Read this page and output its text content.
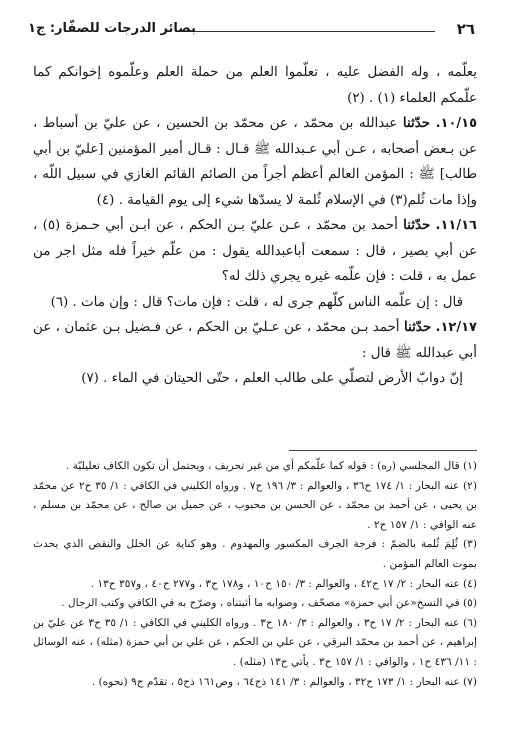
٢٦
بصائر الدرجات للصفّار: ج١

يعلّمه ، وله الفضل عليه ، تعلّموا العلم من حملة العلم وعلّموه إخوانكم كما علّمكم العلماء (١) . (٢)

١٠/١٥. حدّثنا عبدالله بن محمّد ، عن محمّد بن الحسين ، عن عليّ بن أسباط ، عن بـعض أصحابه ، عـن أبي عـبدالله ﷺ قـال : قـال أمير المؤمنين [عليّ بن أبي طالب] ﷺ : المؤمن العالم أعظم أجراً من الصائم القائم الغازي في سبيل اللّه ، وإذا مات ثُلم(٣) في الإسلام ثُلمة لا يسدّها شيء إلى يوم القيامة . (٤)

١١/١٦. حدّثنا أحمد بن محمّد ، عـن عليّ بـن الحكم ، عن ابـن أبي حـمزة (٥) ، عن أبي بصير ، قال : سمعت أباعبدالله يقول : من علّم خيراً فله مثل اجر من عمل به ، قلت : فإن علّمه غيره يجري ذلك له؟

قال : إن علّمه الناس كلّهم جرى له ، قلت : فإن مات؟ قال : وإن مات . (٦)

١٢/١٧. حدّثنا أحمد بـن محمّد ، عن عـليّ بن الحكم ، عن فـضيل بـن عثمان ، عن أبي عبدالله ﷺ قال :

إنّ دوابّ الأرض لتصلّي على طالب العلم ، حتّى الحيتان في الماء . (٧)

(١) قال المجلسي (ره) : قوله كما علّمكم أي من غير تحريف ، ويحتمل أن تكون الكاف تعليليّة .

(٢) عنه البحار : ١/ ١٧٤ ح٣٦ ، والعوالم : ٣/ ١٩٦ ح٧ . ورواه الكليني في الكافي : ١/ ٣٥ ح٢ عن محمّد بن يحيى ، عن أحمد بن محمّد ، عن الحسن بن محبوب ، عن جميل بن صالح ، عن محمّد بن مسلم ، عنه الوافي : ١/ ١٥٧ ح٢ .

(٣) ثُلِمَ ثُلمة بالضمّ : فرجة الجرف المكسور والمهدوم . وهو كناية عن الخلل والنقص الذي يحدث بموت العالم المؤمن .

(٤) عنه البحار : ٢/ ١٧ ح٤٢ ، والعوالم : ٣/ ١٥٠ ح١٠ ، و١٧٨ ح٣ ، و٢٧٧ ح٤٠ ، و٣٥٧ ح١٣ .

(٥) في النسخ«عن أبي حمزة» مصحّف ، وصوابه ما أثبتناه ، وصرّح به في الكافي وكتب الرجال .

(٦) عنه البحار : ٢/ ١٧ ح٣ ، والعوالم : ٣/ ١٨٠ ح٣ . ورواه الكليني في الكافي : ١/ ٣٥ ح٣ عن عليّ بن إبراهيم ، عن أحمد بن محمّد البرقي ، عن علي بن الحكم ، عن علي بن أبي حمزة (مثله) ، عنه الوسائل : ١١/ ٤٣٦ ح١ ، والوافي : ١/ ١٥٧ ح٣ . يأتي ح١٣ (مثله) .

(٧) عنه البحار : ١/ ١٧٣ ح٣٢ ، والعوالم : ٣/ ١٤١ ذح٦٤ ، وص١٦١ ذح٥ ، تقدّم ح٩ (نحوه) .
